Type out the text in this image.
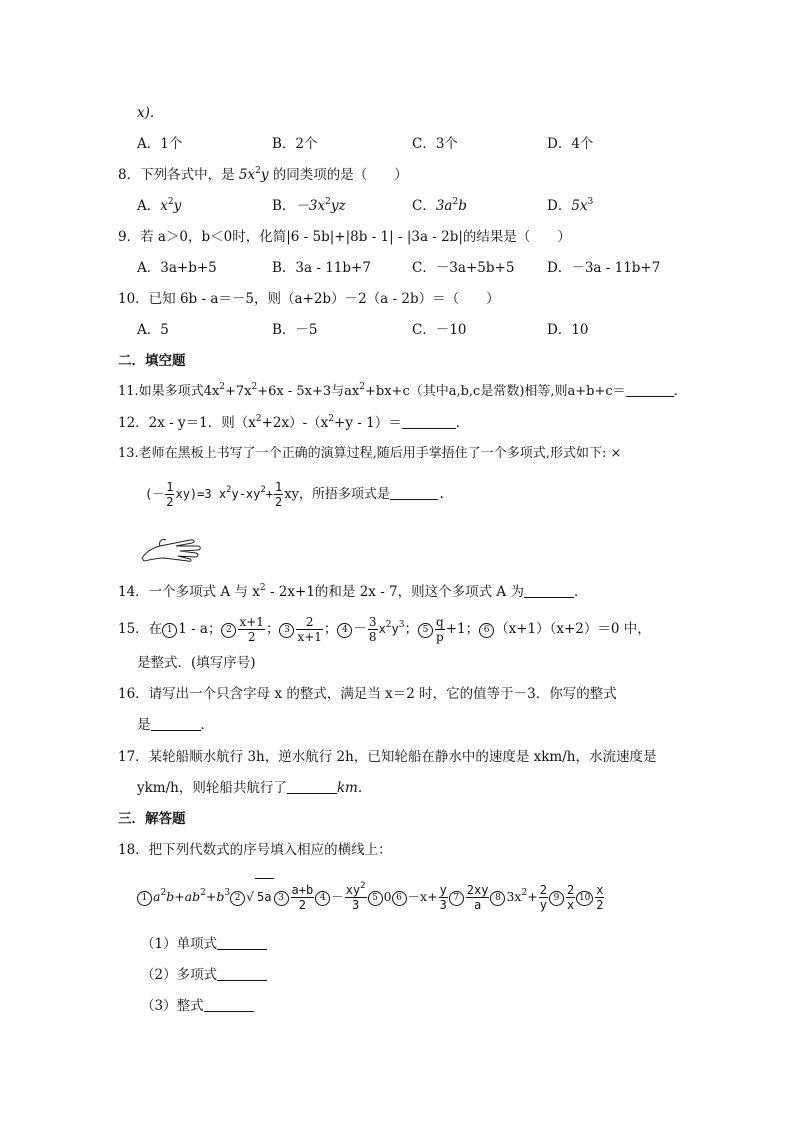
x).
A．1个	B．2个	C．3个	D．4个
8．下列各式中，是 $5x^2y$ 的同类项的是（　　）
A．$x^2y$	B．$-3x^2yz$	C．$3a^2b$	D．$5x^3$
9．若 a＞0，b＜0时，化简|6 - 5b|+|8b - 1| - |3a - 2b|的结果是（　　）
A．3a+b+5	B．3a - 11b+7	C．－3a+5b+5 D．－3a - 11b+7
10．已知 6b - a＝－5，则（a+2b）－2（a - 2b）＝（　　）
A．5	B．－5	C．－10	D．10
二．填空题
11.如果多项式$4x^2+7x^2+6x - 5x+3$与$ax^2+bx+c$（其中a,b,c是常数)相等,则a+b+c＝	.
12．2x - y＝1．则$(x^2+2x)-(x^2+y - 1)=$	．
13.老师在黑板上书写了一个正确的演算过程,随后用手掌捂住了一个多项式,形式如下: ×
(－ $\frac{1}{2} xy)=3$ $x^2y-xy^2+ \frac{1}{2}$ xy，所捂多项式是	.
14．一个多项式 A 与 $x^2 - 2x+1$的和是 2x - 7，则这个多项式 A 为	．
15．在 1 1 - a； $2 \frac{x+1}{2}$ ； $3 \frac{2}{x+1}$ ； $4 - \frac{3}{8} x^2y^3$； $5 \frac{q}{p} +1$； 6 （x+1）（x+2）＝0 中，
是整式．(填写序号)
16．请写出一个只含字母 x 的整式，满足当 x＝2 时，它的值等于－3．你写的整式
是	．
17．某轮船顺水航行 3h，逆水航行 2h，已知轮船在静水中的速度是 xkm/h，水流速度是
ykm/h，则轮船共航行了	km.
三．解答题
18．把下列代数式的序号填入相应的横线上：
1 $a^2b+ab^2+b^3$ 2 √ 5a $3 \frac{a+b}{2} 4 - \frac{xy^2}{3} 5$ 0 $6 -x+ \frac{y}{3} 7 \frac{2xy}{a} 8$ $3x^2+ \frac{2}{y} 9 \frac{2}{x} 10 \frac{x}{2}$
（1）单项式
（2）多项式
（3）整式
